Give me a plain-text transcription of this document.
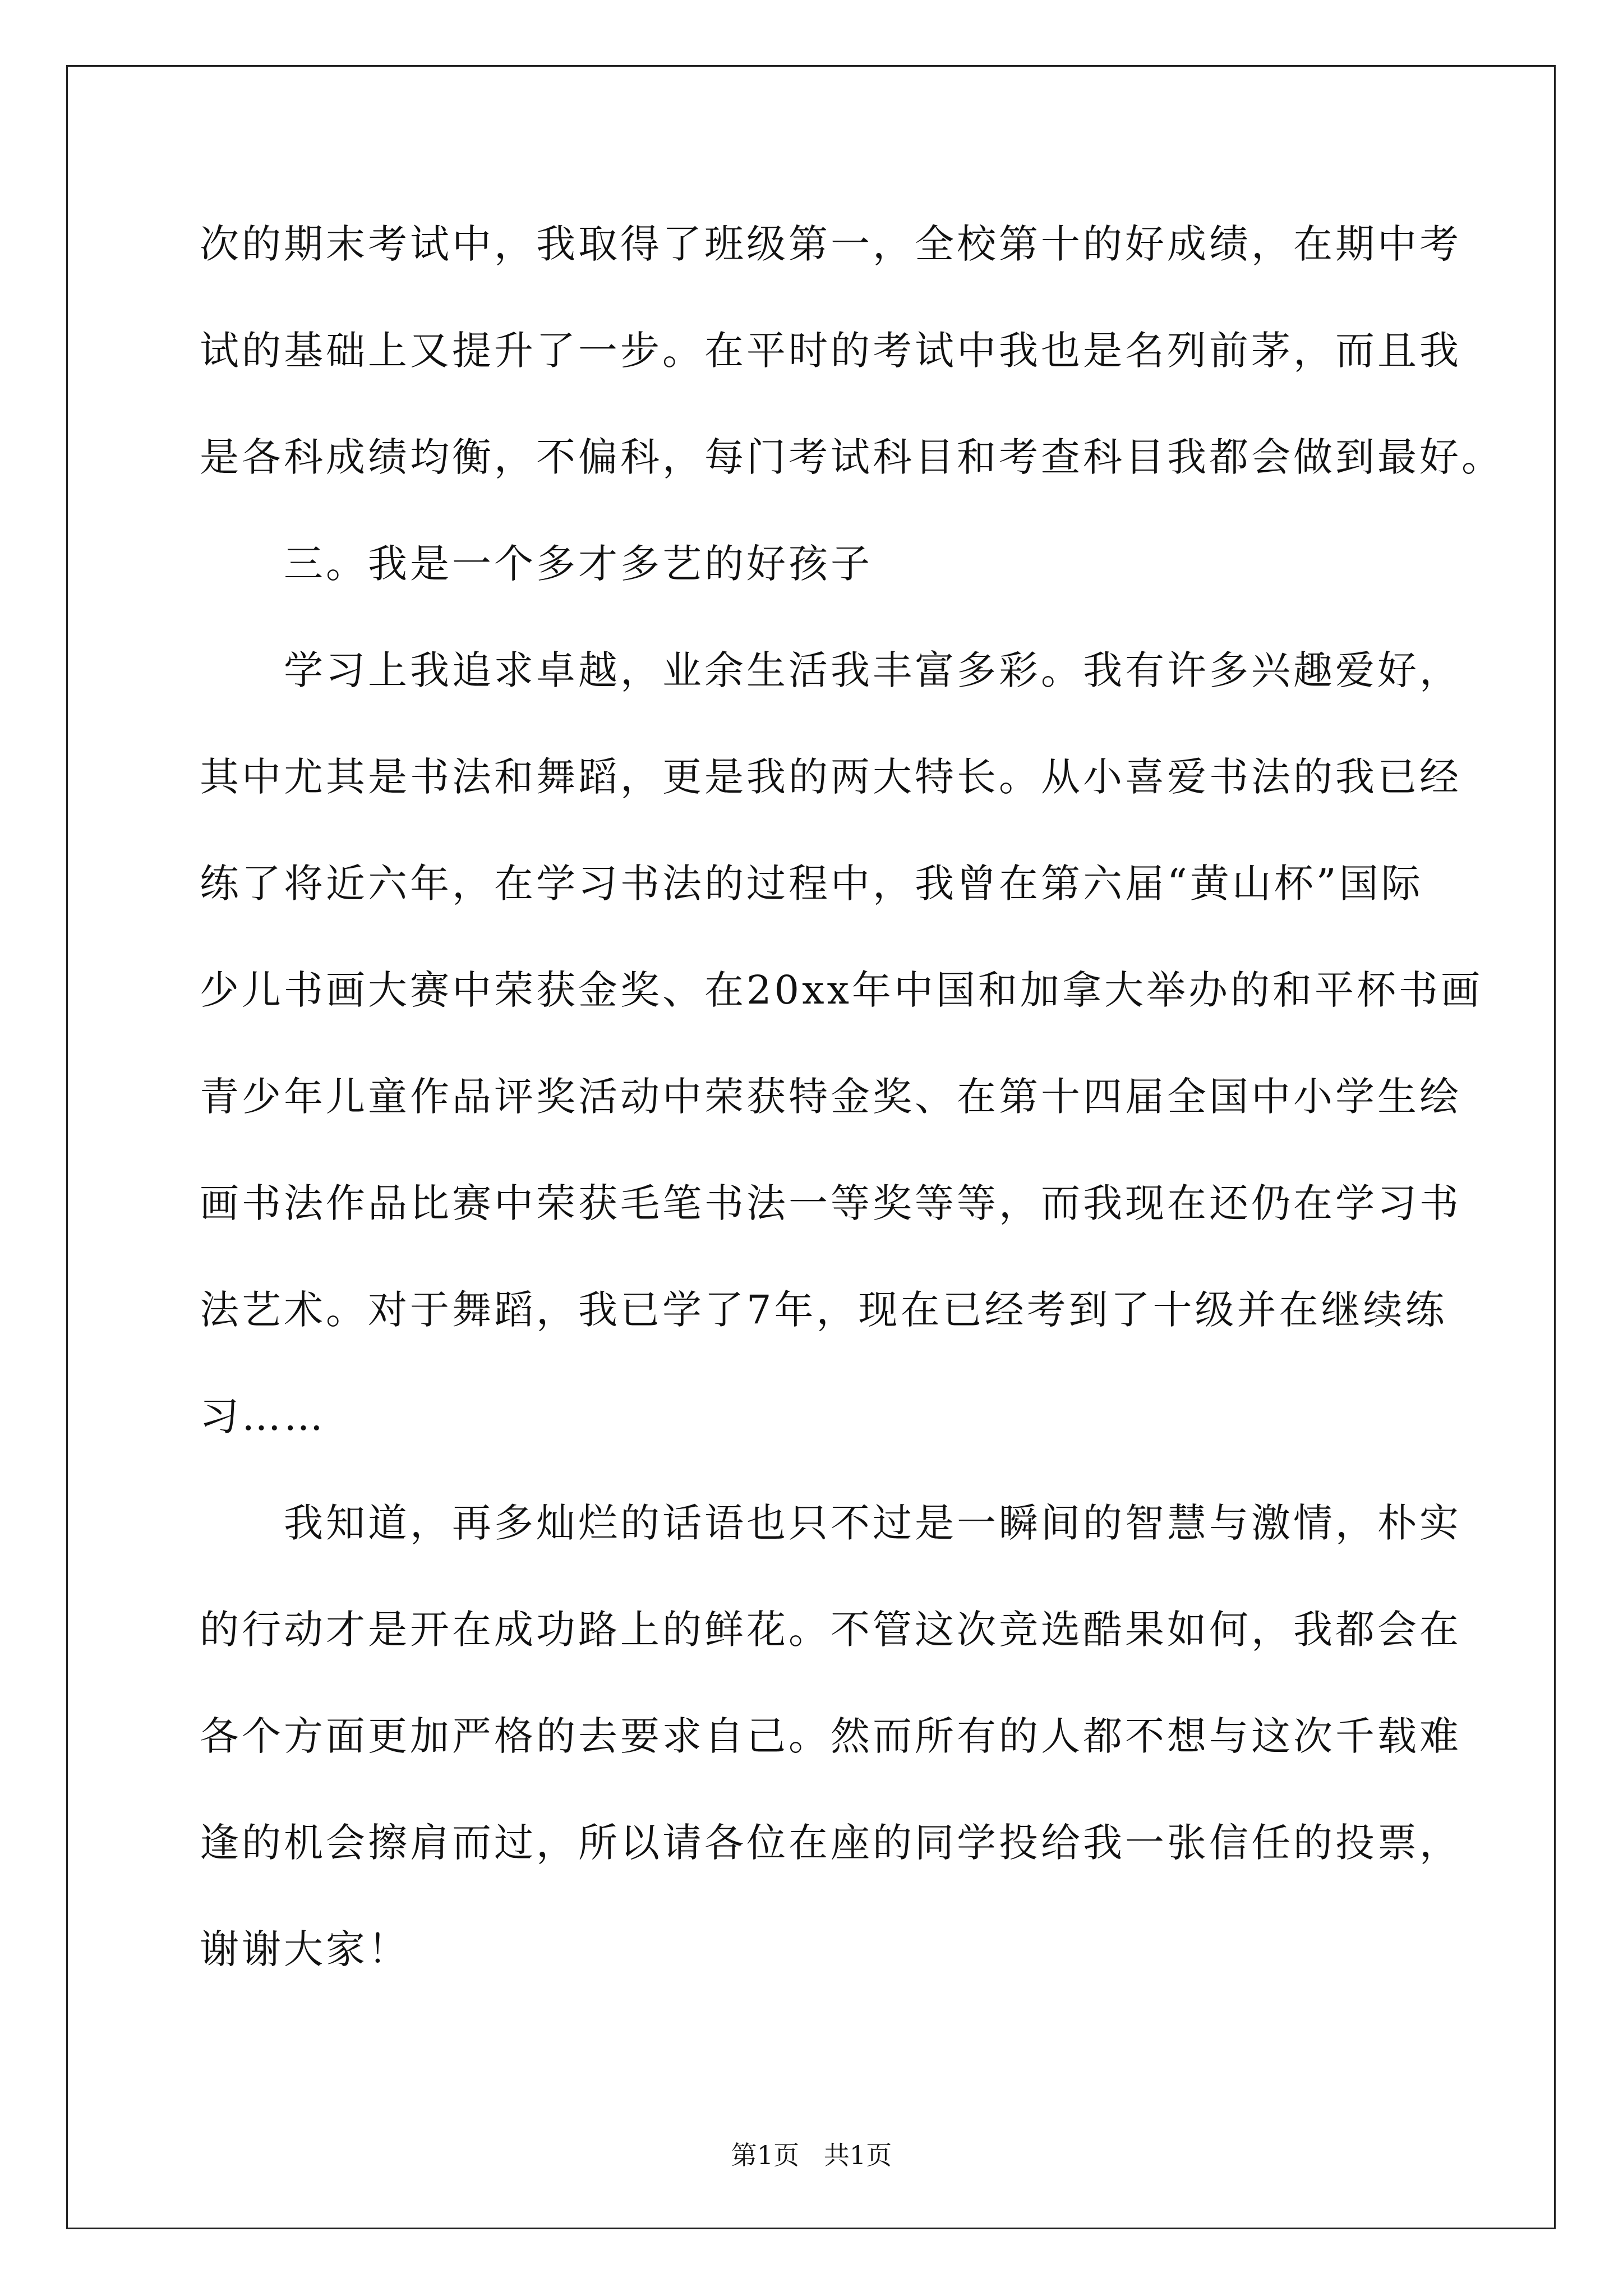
次的期末考试中，我取得了班级第一，全校第十的好成绩，在期中考
试的基础上又提升了一步。在平时的考试中我也是名列前茅，而且我
是各科成绩均衡，不偏科，每门考试科目和考查科目我都会做到最好。
　　三。我是一个多才多艺的好孩子
　　学习上我追求卓越，业余生活我丰富多彩。我有许多兴趣爱好，
其中尤其是书法和舞蹈，更是我的两大特长。从小喜爱书法的我已经
练了将近六年，在学习书法的过程中，我曾在第六届“黄山杯”国际
少儿书画大赛中荣获金奖、在20xx年中国和加拿大举办的和平杯书画
青少年儿童作品评奖活动中荣获特金奖、在第十四届全国中小学生绘
画书法作品比赛中荣获毛笔书法一等奖等等，而我现在还仍在学习书
法艺术。对于舞蹈，我已学了7年，现在已经考到了十级并在继续练
习……
　　我知道，再多灿烂的话语也只不过是一瞬间的智慧与激情，朴实
的行动才是开在成功路上的鲜花。不管这次竞选酷果如何，我都会在
各个方面更加严格的去要求自己。然而所有的人都不想与这次千载难
逢的机会擦肩而过，所以请各位在座的同学投给我一张信任的投票，
谢谢大家！
第1页   共1页
